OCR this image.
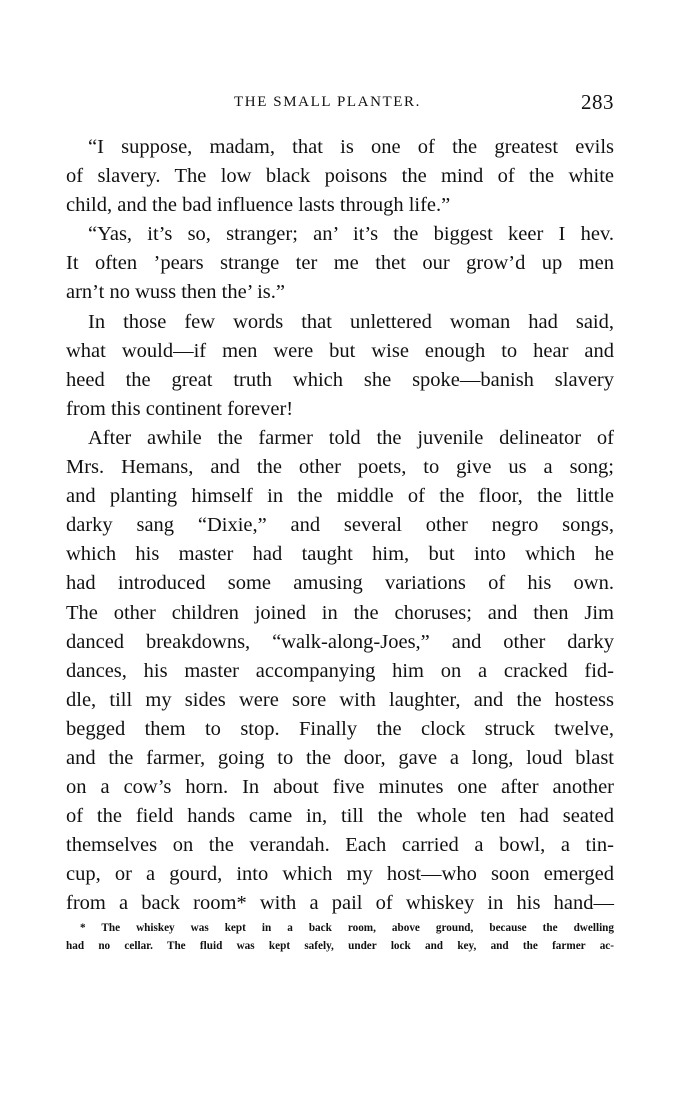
THE SMALL PLANTER.	283
“I suppose, madam, that is one of the greatest evils
of slavery. The low black poisons the mind of the white
child, and the bad influence lasts through life.”
“Yas, it’s so, stranger; an’ it’s the biggest keer I hev.
It often ’pears strange ter me thet our grow’d up men
arn’t no wuss then the’ is.”
In those few words that unlettered woman had said,
what would—if men were but wise enough to hear and
heed the great truth which she spoke—banish slavery
from this continent forever!
After awhile the farmer told the juvenile delineator of
Mrs. Hemans, and the other poets, to give us a song;
and planting himself in the middle of the floor, the little
darky sang “Dixie,” and several other negro songs,
which his master had taught him, but into which he
had introduced some amusing variations of his own.
The other children joined in the choruses; and then Jim
danced breakdowns, “walk-along-Joes,” and other darky
dances, his master accompanying him on a cracked fid-
dle, till my sides were sore with laughter, and the hostess
begged them to stop. Finally the clock struck twelve,
and the farmer, going to the door, gave a long, loud blast
on a cow’s horn. In about five minutes one after another
of the field hands came in, till the whole ten had seated
themselves on the verandah. Each carried a bowl, a tin-
cup, or a gourd, into which my host—who soon emerged
from a back room* with a pail of whiskey in his hand—
* The whiskey was kept in a back room, above ground, because the dwelling
had no cellar. The fluid was kept safely, under lock and key, and the farmer ac-
